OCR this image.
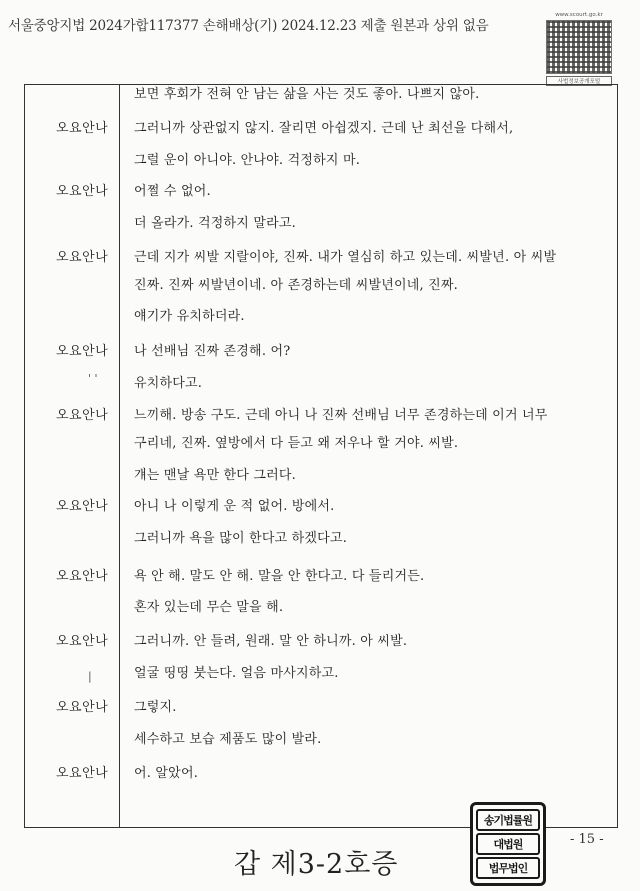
서울중앙지법 2024가합117377 손해배상(기) 2024.12.23 제출 원본과 상위 없음
www.scourt.go.kr
사법정보공개포털
보면 후회가 전혀 안 남는 삶을 사는 것도 좋아. 나쁘지 않아.
오요안나	그러니까 상관없지 않지. 잘리면 아쉽겠지. 근데 난 최선을 다해서,
그럴 운이 아니야. 안나야. 걱정하지 마.
오요안나	어쩔 수 없어.
더 올라가. 걱정하지 말라고.
오요안나	근데 지가 씨발 지랄이야, 진짜. 내가 열심히 하고 있는데. 씨발년. 아 씨발
진짜. 진짜 씨발년이네. 아 존경하는데 씨발년이네, 진짜.
얘기가 유치하더라.
오요안나	나 선배님 진짜 존경해. 어?
유치하다고.
오요안나	느끼해. 방송 구도. 근데 아니 나 진짜 선배님 너무 존경하는데 이거 너무
구리네, 진짜. 옆방에서 다 듣고 왜 저우나 할 거야. 씨발.
걔는 맨날 욕만 한다 그러다.
오요안나	아니 나 이렇게 운 적 없어. 방에서.
그러니까 욕을 많이 한다고 하겠다고.
오요안나	욕 안 해. 말도 안 해. 말을 안 한다고. 다 들리거든.
혼자 있는데 무슨 말을 해.
오요안나	그러니까. 안 들려, 원래. 말 안 하니까. 아 씨발.
얼굴 띵띵 붓는다. 얼음 마사지하고.
오요안나	그렇지.
세수하고 보습 제품도 많이 발라.
오요안나	어. 알았어.
' '
|
송기법률원
대법원
법무법인
- 15 -
갑 제3-2호증
